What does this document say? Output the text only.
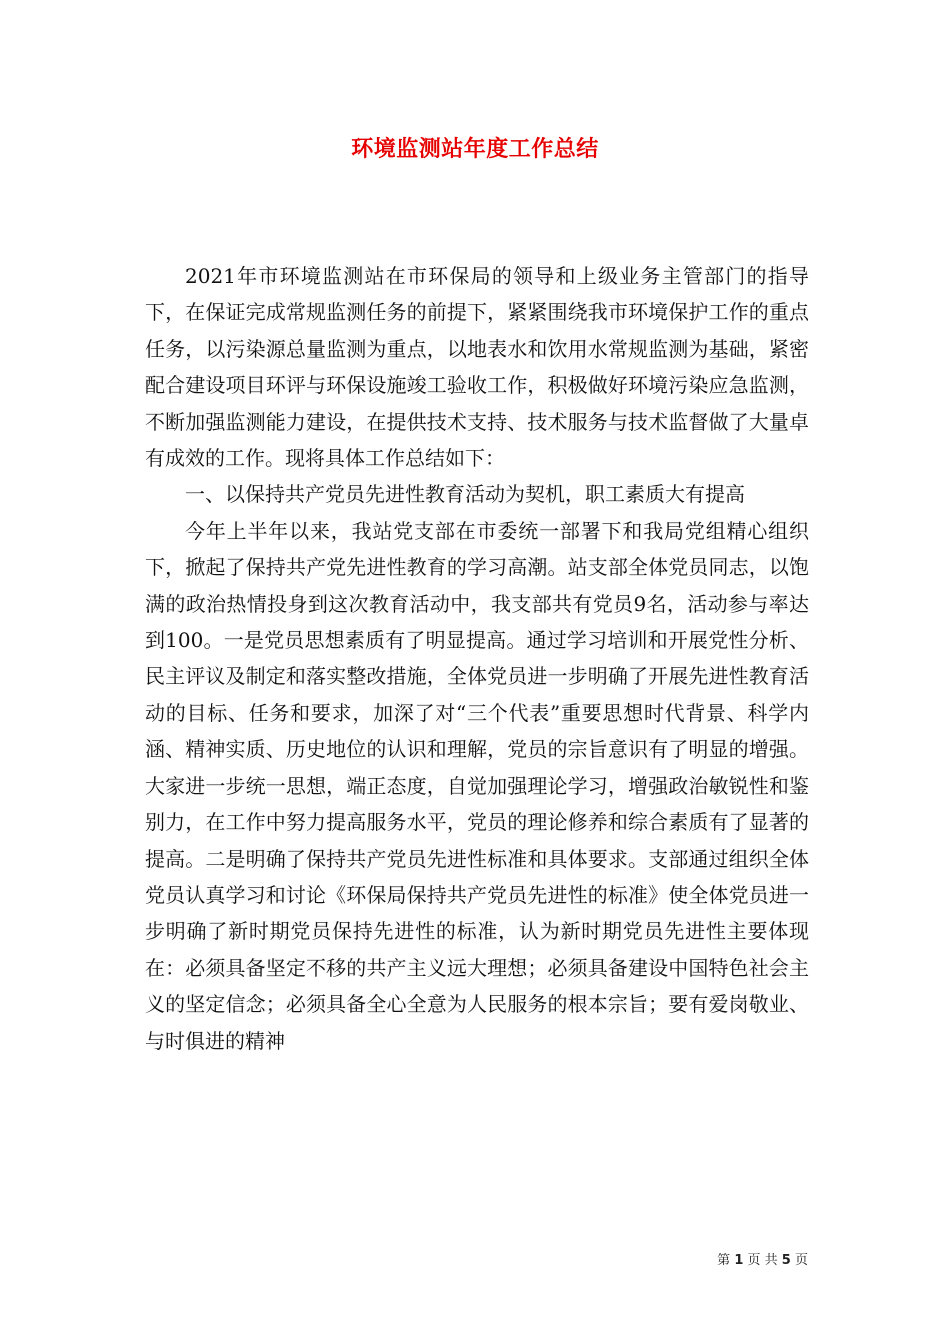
环境监测站年度工作总结

2021年市环境监测站在市环保局的领导和上级业务主管部门的指导下，在保证完成常规监测任务的前提下，紧紧围绕我市环境保护工作的重点任务，以污染源总量监测为重点，以地表水和饮用水常规监测为基础，紧密配合建设项目环评与环保设施竣工验收工作，积极做好环境污染应急监测，不断加强监测能力建设，在提供技术支持、技术服务与技术监督做了大量卓有成效的工作。现将具体工作总结如下：

一、以保持共产党员先进性教育活动为契机，职工素质大有提高

今年上半年以来，我站党支部在市委统一部署下和我局党组精心组织下，掀起了保持共产党先进性教育的学习高潮。站支部全体党员同志，以饱满的政治热情投身到这次教育活动中，我支部共有党员9名，活动参与率达到100。一是党员思想素质有了明显提高。通过学习培训和开展党性分析、民主评议及制定和落实整改措施，全体党员进一步明确了开展先进性教育活动的目标、任务和要求，加深了对“三个代表”重要思想时代背景、科学内涵、精神实质、历史地位的认识和理解，党员的宗旨意识有了明显的增强。大家进一步统一思想，端正态度，自觉加强理论学习，增强政治敏锐性和鉴别力，在工作中努力提高服务水平，党员的理论修养和综合素质有了显著的提高。二是明确了保持共产党员先进性标准和具体要求。支部通过组织全体党员认真学习和讨论《环保局保持共产党员先进性的标准》使全体党员进一步明确了新时期党员保持先进性的标准，认为新时期党员先进性主要体现在：必须具备坚定不移的共产主义远大理想；必须具备建设中国特色社会主义的坚定信念；必须具备全心全意为人民服务的根本宗旨；要有爱岗敬业、与时俱进的精神

第 1 页 共 5 页
